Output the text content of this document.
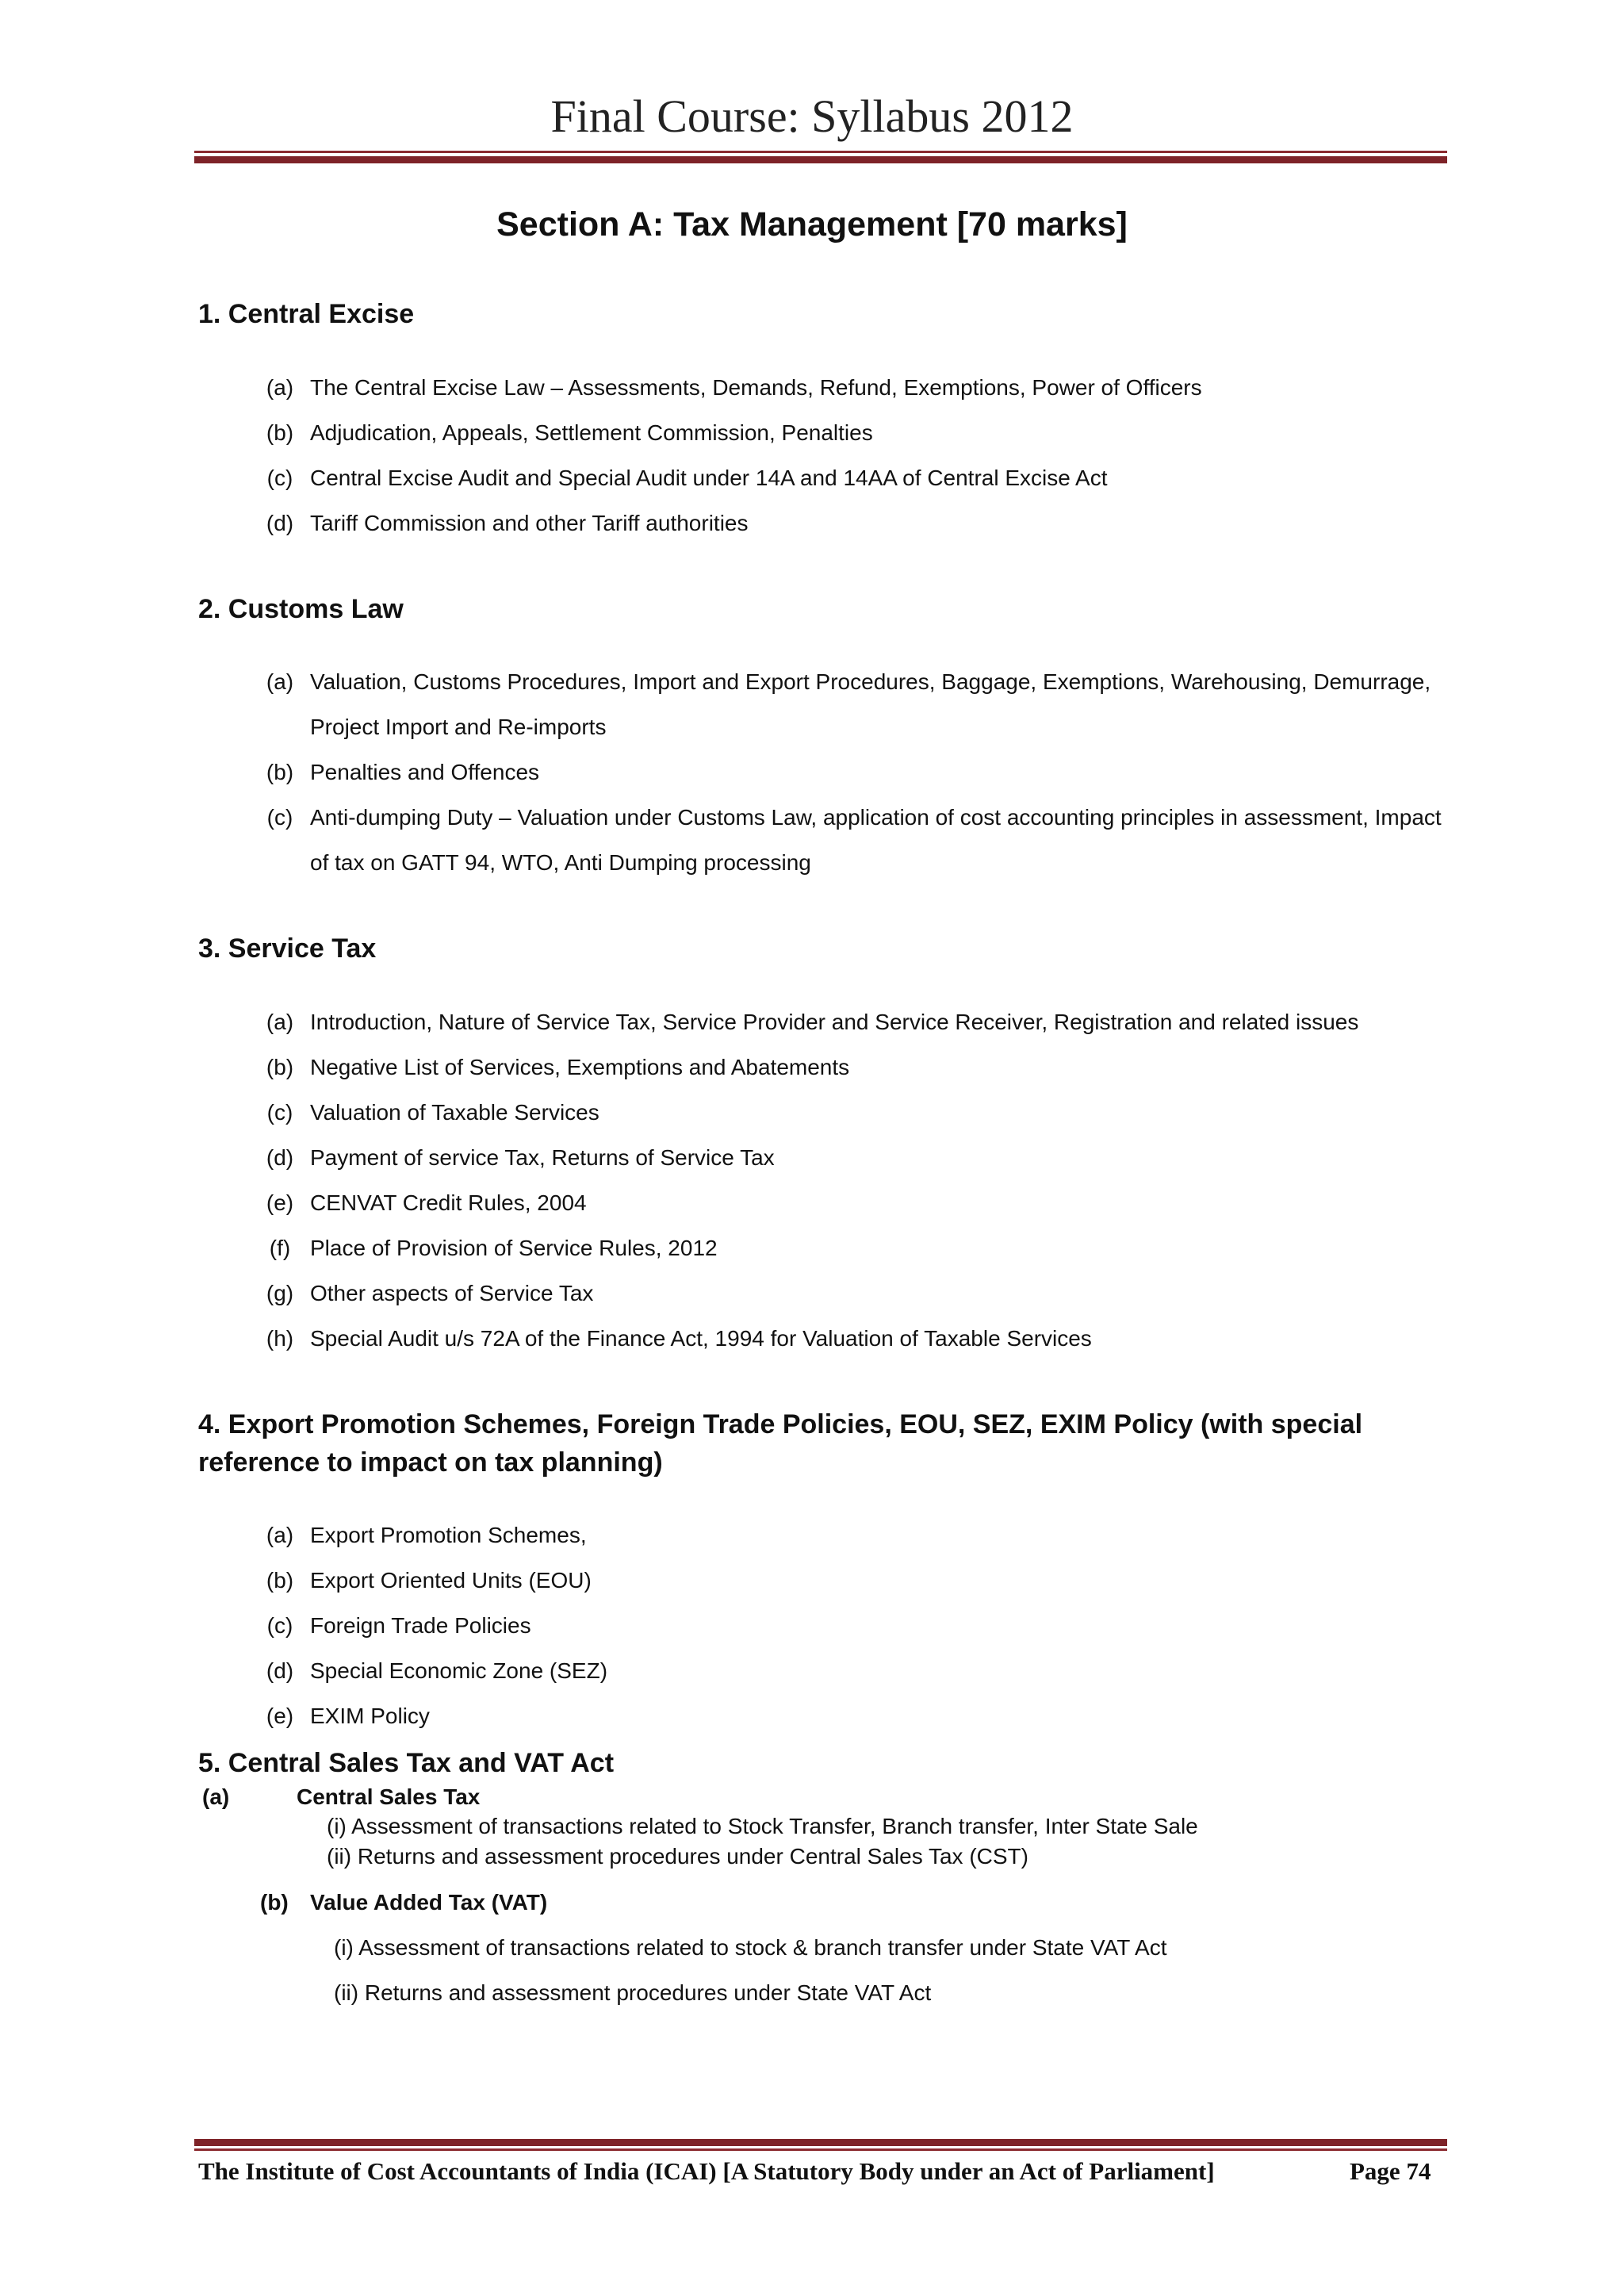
Final Course: Syllabus 2012
Section A: Tax Management [70 marks]
1. Central Excise
(a) The Central Excise Law – Assessments, Demands, Refund, Exemptions, Power of Officers
(b) Adjudication, Appeals, Settlement Commission, Penalties
(c) Central Excise Audit and Special Audit under 14A and 14AA of Central Excise Act
(d) Tariff Commission and other Tariff authorities
2. Customs Law
(a) Valuation, Customs Procedures, Import and Export Procedures, Baggage, Exemptions, Warehousing, Demurrage, Project Import and Re-imports
(b) Penalties and Offences
(c) Anti-dumping Duty – Valuation under Customs Law, application of cost accounting principles in assessment, Impact of tax on GATT 94, WTO, Anti Dumping processing
3. Service Tax
(a) Introduction, Nature of Service Tax, Service Provider and Service Receiver, Registration and related issues
(b) Negative List of Services, Exemptions and Abatements
(c) Valuation of Taxable Services
(d) Payment of service Tax, Returns of Service Tax
(e) CENVAT Credit Rules, 2004
(f) Place of Provision of Service Rules, 2012
(g) Other aspects of Service Tax
(h) Special Audit u/s 72A of the Finance Act, 1994 for Valuation of Taxable Services
4. Export Promotion Schemes, Foreign Trade Policies, EOU, SEZ, EXIM Policy (with special
reference to impact on tax planning)
(a) Export Promotion Schemes,
(b) Export Oriented Units (EOU)
(c) Foreign Trade Policies
(d) Special Economic Zone (SEZ)
(e) EXIM Policy
5. Central Sales Tax and VAT Act
(a)	Central Sales Tax
(i) Assessment of transactions related to Stock Transfer, Branch transfer, Inter State Sale
(ii) Returns and assessment procedures under Central Sales Tax (CST)
(b) Value Added Tax (VAT)
(i) Assessment of transactions related to stock & branch transfer under State VAT Act
(ii) Returns and assessment procedures under State VAT Act
The Institute of Cost Accountants of India (ICAI) [A Statutory Body under an Act of Parliament]	Page 74
